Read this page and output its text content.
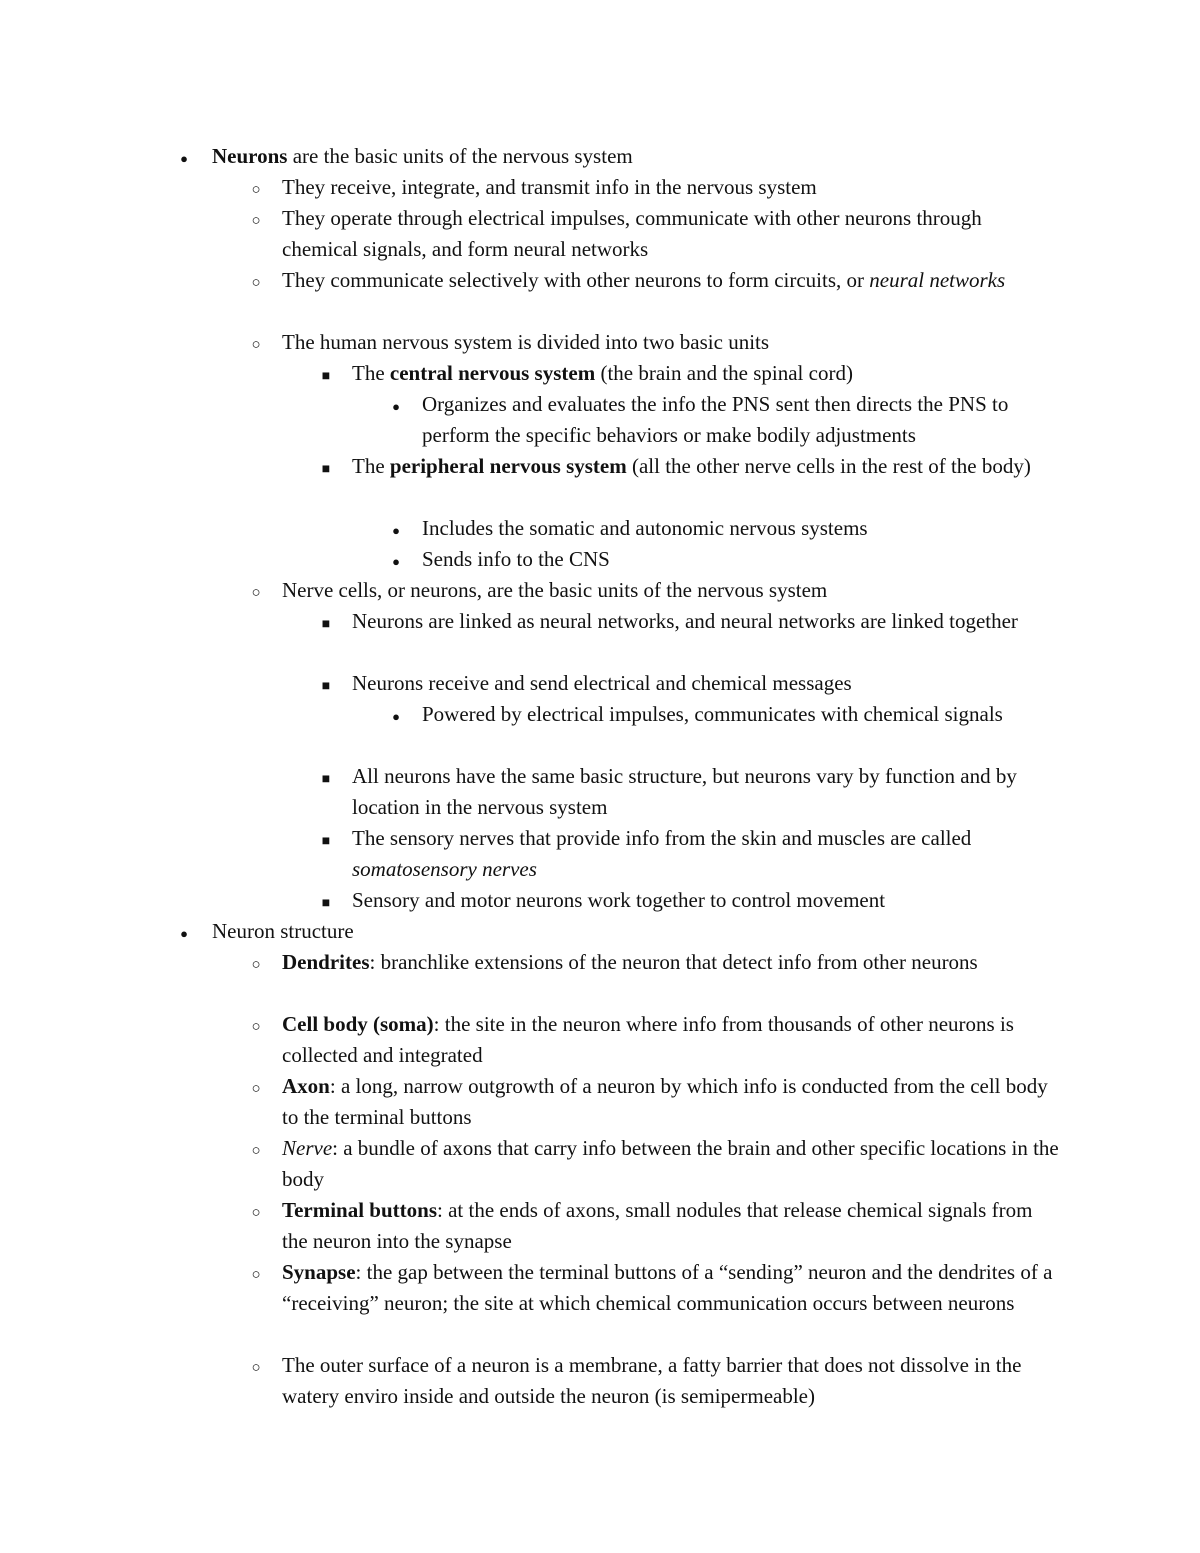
●
Neurons are the basic units of the nervous system
○
They receive, integrate, and transmit info in the nervous system
○
They operate through electrical impulses, communicate with other neurons through chemical signals, and form neural networks
○
They communicate selectively with other neurons to form circuits, or neural networks
○
The human nervous system is divided into two basic units
■
The central nervous system (the brain and the spinal cord)
●
Organizes and evaluates the info the PNS sent then directs the PNS to perform the specific behaviors or make bodily adjustments
■
The peripheral nervous system (all the other nerve cells in the rest of the body)
●
Includes the somatic and autonomic nervous systems
●
Sends info to the CNS
○
Nerve cells, or neurons, are the basic units of the nervous system
■
Neurons are linked as neural networks, and neural networks are linked together
■
Neurons receive and send electrical and chemical messages
●
Powered by electrical impulses, communicates with chemical signals
■
All neurons have the same basic structure, but neurons vary by function and by location in the nervous system
■
The sensory nerves that provide info from the skin and muscles are called somatosensory nerves
■
Sensory and motor neurons work together to control movement
●
Neuron structure
○
Dendrites: branchlike extensions of the neuron that detect info from other neurons
○
Cell body (soma): the site in the neuron where info from thousands of other neurons is collected and integrated
○
Axon: a long, narrow outgrowth of a neuron by which info is conducted from the cell body to the terminal buttons
○
Nerve: a bundle of axons that carry info between the brain and other specific locations in the body
○
Terminal buttons: at the ends of axons, small nodules that release chemical signals from the neuron into the synapse
○
Synapse: the gap between the terminal buttons of a “sending” neuron and the dendrites of a “receiving” neuron; the site at which chemical communication occurs between neurons
○
The outer surface of a neuron is a membrane, a fatty barrier that does not dissolve in the watery enviro inside and outside the neuron (is semipermeable)
